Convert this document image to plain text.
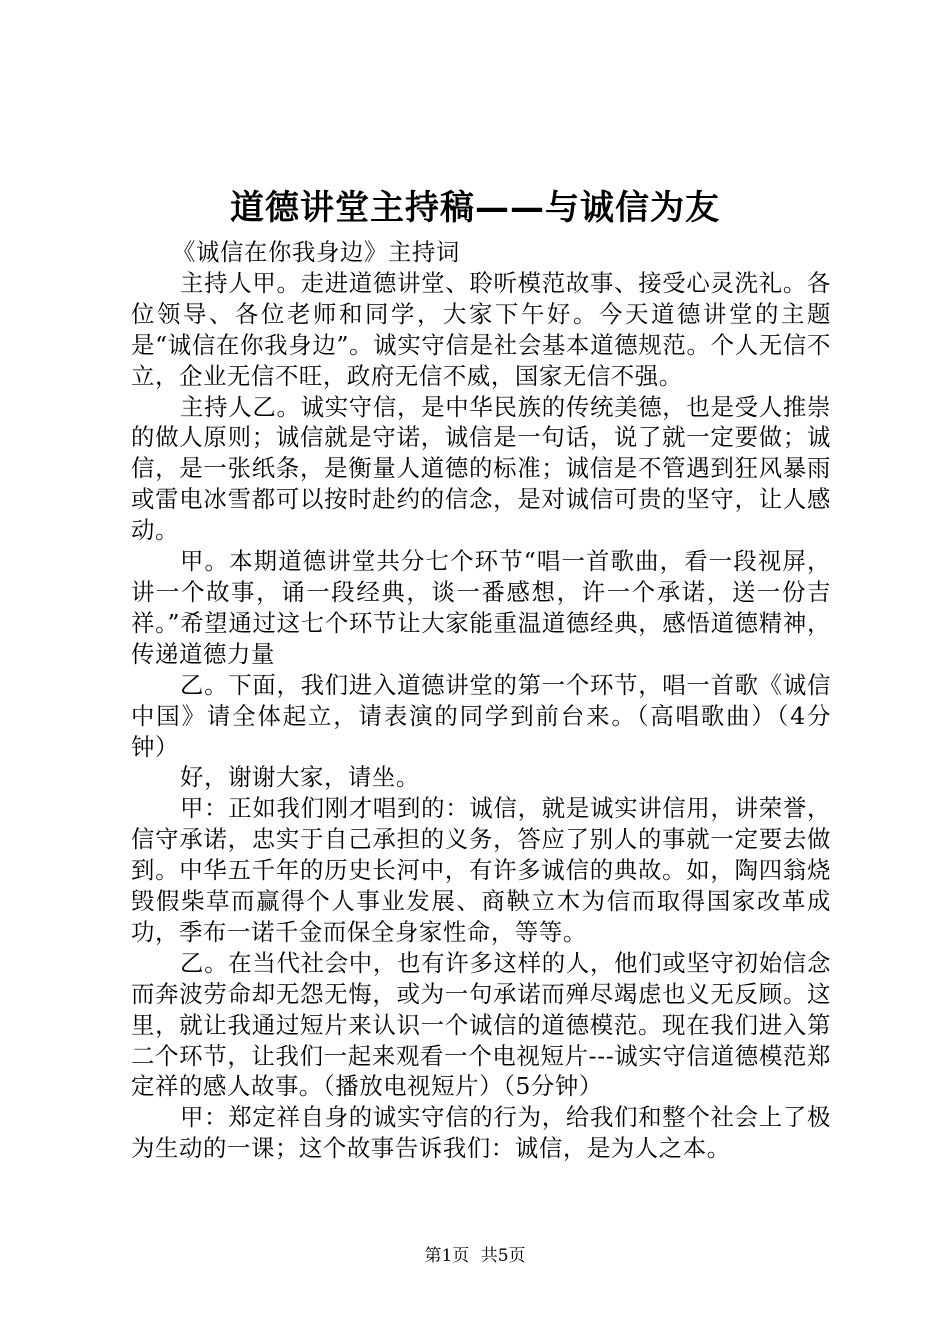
道德讲堂主持稿——与诚信为友

《诚信在你我身边》主持词

主持人甲。走进道德讲堂、聆听模范故事、接受心灵洗礼。各位领导、各位老师和同学，大家下午好。今天道德讲堂的主题是“诚信在你我身边”。诚实守信是社会基本道德规范。个人无信不立，企业无信不旺，政府无信不威，国家无信不强。

主持人乙。诚实守信，是中华民族的传统美德，也是受人推崇的做人原则；诚信就是守诺，诚信是一句话，说了就一定要做；诚信，是一张纸条，是衡量人道德的标准；诚信是不管遇到狂风暴雨或雷电冰雪都可以按时赴约的信念，是对诚信可贵的坚守，让人感动。

甲。本期道德讲堂共分七个环节“唱一首歌曲，看一段视屏，讲一个故事，诵一段经典，谈一番感想，许一个承诺，送一份吉祥。”希望通过这七个环节让大家能重温道德经典，感悟道德精神，传递道德力量

乙。下面，我们进入道德讲堂的第一个环节，唱一首歌《诚信中国》请全体起立，请表演的同学到前台来。（高唱歌曲）（4分钟）

好，谢谢大家，请坐。

甲：正如我们刚才唱到的：诚信，就是诚实讲信用，讲荣誉，信守承诺，忠实于自己承担的义务，答应了别人的事就一定要去做到。中华五千年的历史长河中，有许多诚信的典故。如，陶四翁烧毁假柴草而赢得个人事业发展、商鞅立木为信而取得国家改革成功，季布一诺千金而保全身家性命，等等。

乙。在当代社会中，也有许多这样的人，他们或坚守初始信念而奔波劳命却无怨无悔，或为一句承诺而殚尽竭虑也义无反顾。这里，就让我通过短片来认识一个诚信的道德模范。现在我们进入第二个环节，让我们一起来观看一个电视短片---诚实守信道德模范郑定祥的感人故事。（播放电视短片）（5分钟）

甲：郑定祥自身的诚实守信的行为，给我们和整个社会上了极为生动的一课；这个故事告诉我们：诚信，是为人之本。

第1页 共5页
